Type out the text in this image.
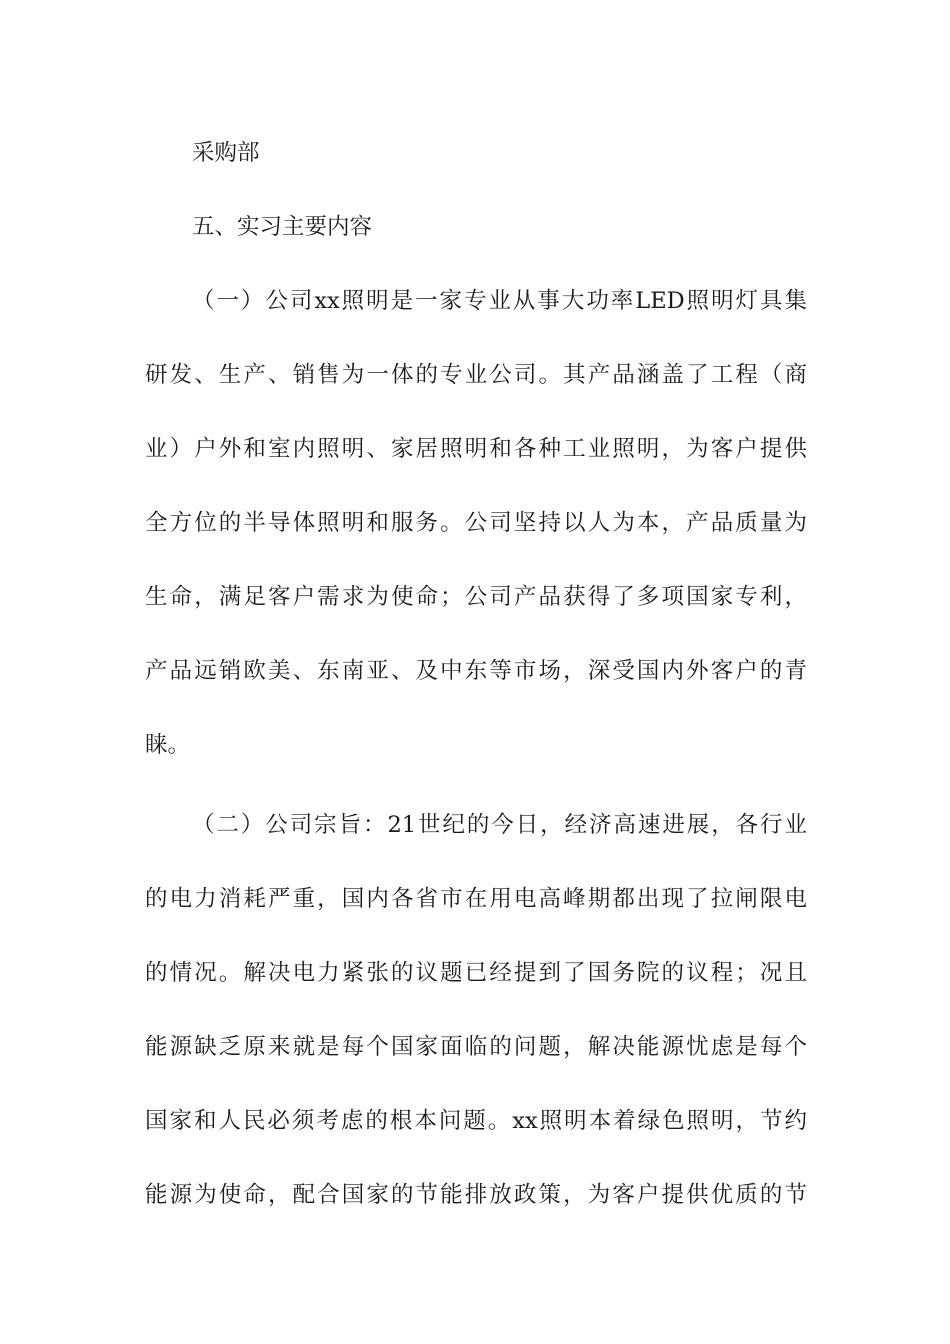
采购部
五、实习主要内容
（一）公司xx照明是一家专业从事大功率LED照明灯具集
研发、生产、销售为一体的专业公司。其产品涵盖了工程（商
业）户外和室内照明、家居照明和各种工业照明，为客户提供
全方位的半导体照明和服务。公司坚持以人为本，产品质量为
生命，满足客户需求为使命；公司产品获得了多项国家专利，
产品远销欧美、东南亚、及中东等市场，深受国内外客户的青
睐。
（二）公司宗旨：21世纪的今日，经济高速进展，各行业
的电力消耗严重，国内各省市在用电高峰期都出现了拉闸限电
的情况。解决电力紧张的议题已经提到了国务院的议程；况且
能源缺乏原来就是每个国家面临的问题，解决能源忧虑是每个
国家和人民必须考虑的根本问题。xx照明本着绿色照明，节约
能源为使命，配合国家的节能排放政策，为客户提供优质的节
